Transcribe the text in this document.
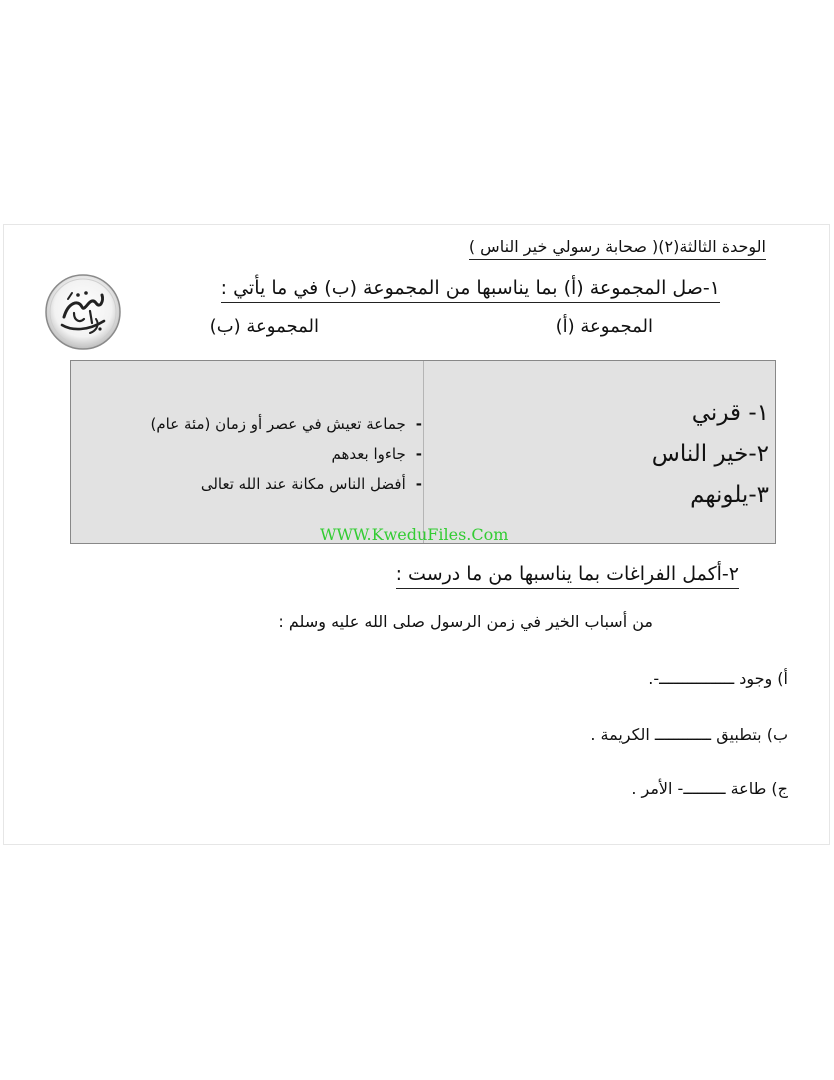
الوحدة الثالثة(٢)( صحابة رسولي خير الناس )
١-صل المجموعة (أ) بما يناسبها من المجموعة (ب) في ما يأتي :
المجموعة (أ)
المجموعة (ب)
١- قرني
٢-خير الناس
٣-يلونهم
-جماعة تعيش في عصر أو زمان (مئة عام)
-جاءوا بعدهم
-أفضل الناس مكانة عند الله تعالى
WWW.KweduFiles.Com
٢-أكمل الفراغات بما يناسبها من ما درست :
من أسباب الخير في زمن الرسول صلى الله عليه وسلم :
أ) وجود ــــــــــــــــ-.
ب) بتطبيق ــــــــــــ الكريمة .
ج) طاعة ـــــــــ- الأمر .
